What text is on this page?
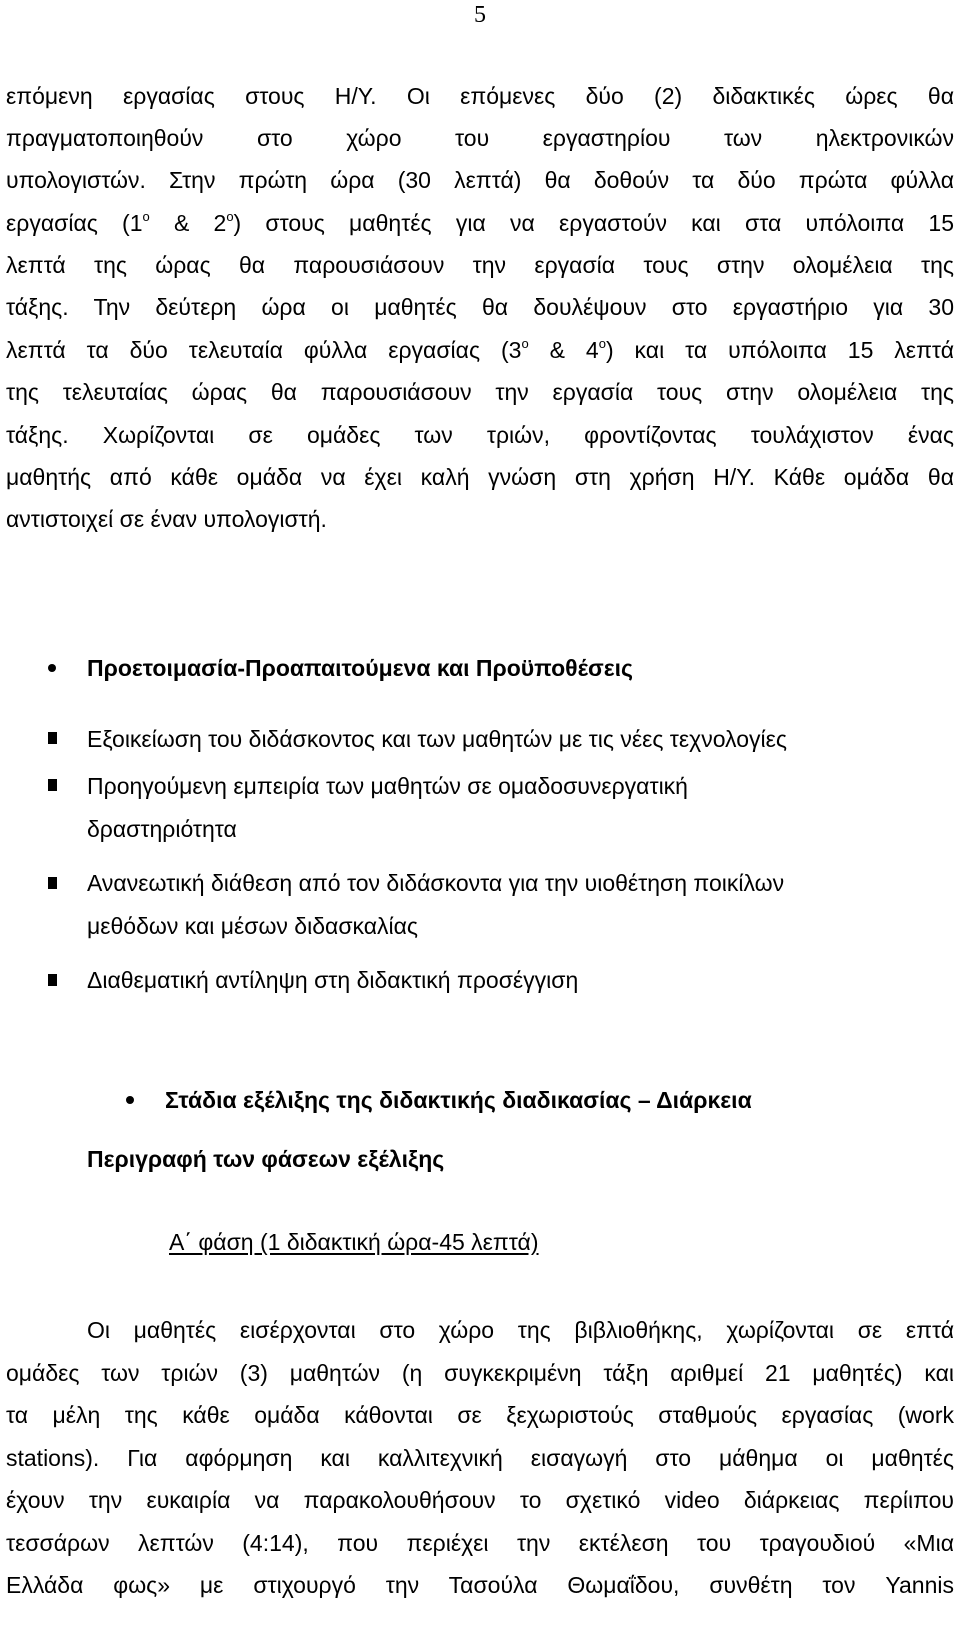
5
επόμενη εργασίας στους Η/Υ. Οι επόμενες δύο (2) διδακτικές ώρες θα
πραγματοποιηθούν στο χώρο του εργαστηρίου των ηλεκτρονικών
υπολογιστών. Στην πρώτη ώρα (30 λεπτά) θα δοθούν τα δύο πρώτα φύλλα
εργασίας ($1^o$ & $2^o$) στους μαθητές για να εργαστούν και στα υπόλοιπα 15
λεπτά της ώρας θα παρουσιάσουν την εργασία τους στην ολομέλεια της
τάξης. Την δεύτερη ώρα οι μαθητές θα δουλέψουν στο εργαστήριο για 30
λεπτά τα δύο τελευταία φύλλα εργασίας ($3^o$ & $4^o$) και τα υπόλοιπα 15 λεπτά
της τελευταίας ώρας θα παρουσιάσουν την εργασία τους στην ολομέλεια της
τάξης. Χωρίζονται σε ομάδες των τριών, φροντίζοντας τουλάχιστον ένας
μαθητής από κάθε ομάδα να έχει καλή γνώση στη χρήση Η/Υ. Κάθε ομάδα θα
αντιστοιχεί σε έναν υπολογιστή.
Προετοιμασία-Προαπαιτούμενα και Προϋποθέσεις
Εξοικείωση του διδάσκοντος και των μαθητών με τις νέες τεχνολογίες
Προηγούμενη εμπειρία των μαθητών σε ομαδοσυνεργατική
δραστηριότητα
Ανανεωτική διάθεση από τον διδάσκοντα για την υιοθέτηση ποικίλων
μεθόδων και μέσων διδασκαλίας
Διαθεματική αντίληψη στη διδακτική προσέγγιση
Στάδια εξέλιξης της διδακτικής διαδικασίας – Διάρκεια
Περιγραφή των φάσεων εξέλιξης
Α΄ φάση (1 διδακτική ώρα-45 λεπτά)
Οι μαθητές εισέρχονται στο χώρο της βιβλιοθήκης, χωρίζονται σε επτά
ομάδες των τριών (3) μαθητών (η συγκεκριμένη τάξη αριθμεί 21 μαθητές) και
τα μέλη της κάθε ομάδα κάθονται σε ξεχωριστούς σταθμούς εργασίας (work
stations). Για αφόρμηση και καλλιτεχνική εισαγωγή στο μάθημα οι μαθητές
έχουν την ευκαιρία να παρακολουθήσουν το σχετικό video διάρκειας περίιπου
τεσσάρων λεπτών (4:14), που περιέχει την εκτέλεση του τραγουδιού «Μια
Ελλάδα φως» με στιχουργό την Τασούλα Θωμαΐδου, συνθέτη τον Yannis
